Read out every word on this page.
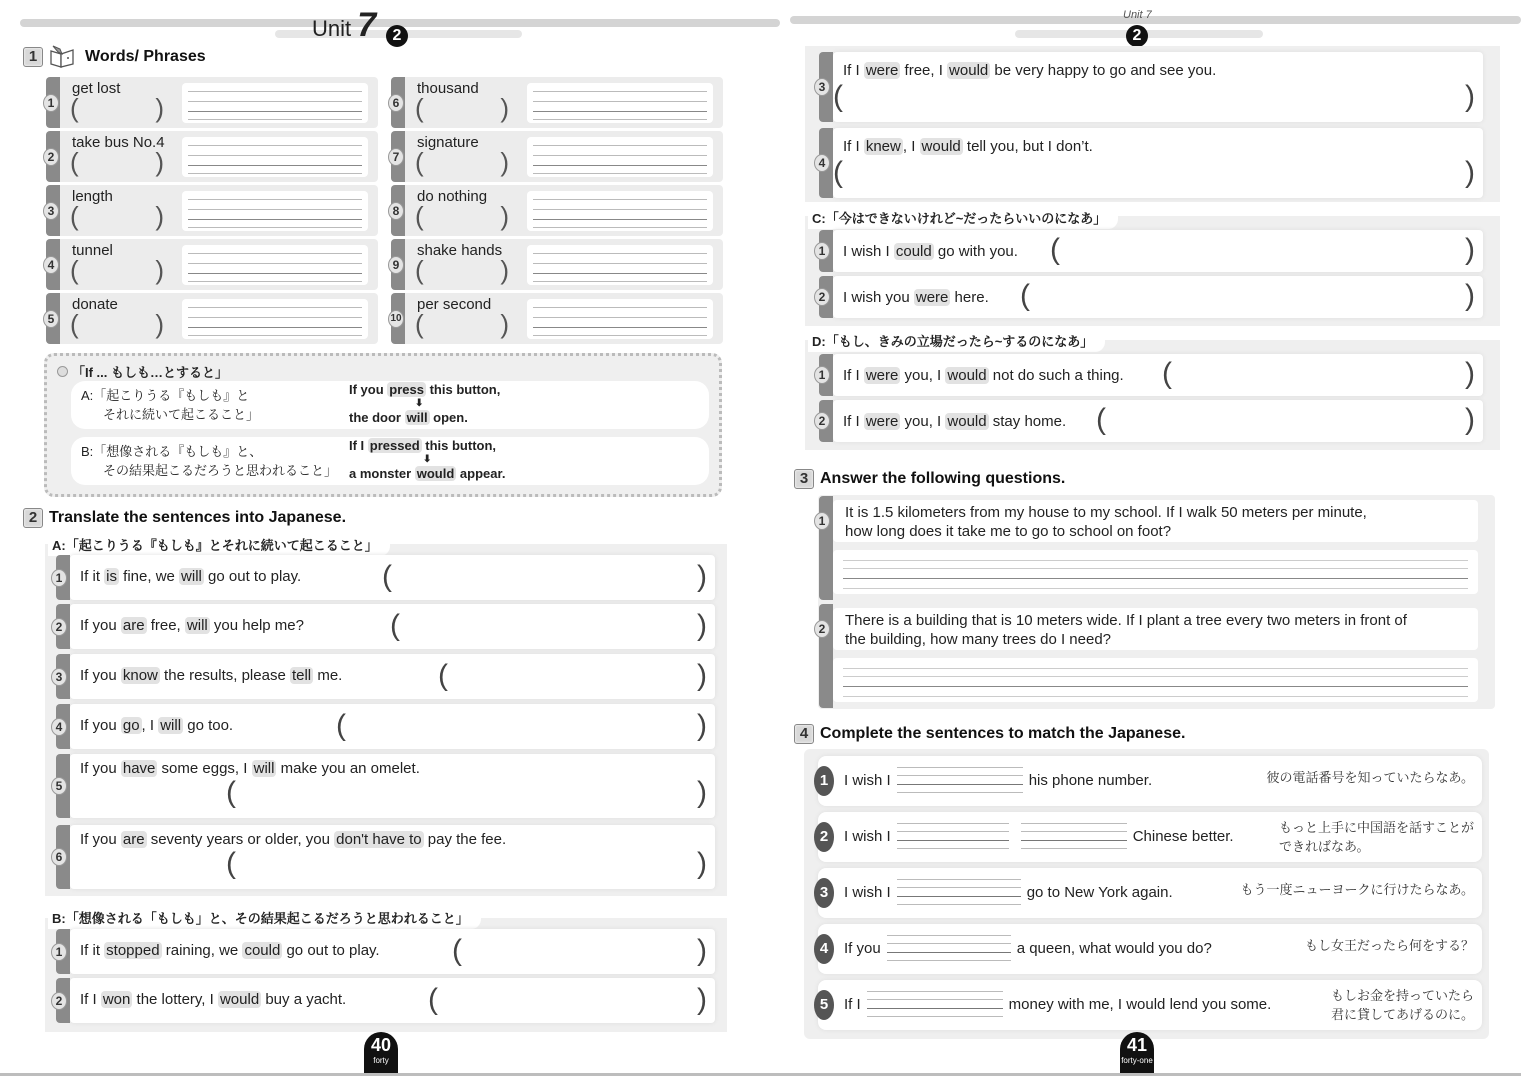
Unit 7	2
Unit 7
2
1	Words/ Phrases
1
get lost
(	)
2
take bus No.4
(	)
3
length
(	)
4
tunnel
(	)
5
donate
(	)
6
thousand
(	)
7
signature
(	)
8
do nothing
(	)
9
shake hands
(	)
10
per second
(	)
「If ... もしも…とすると」
A:「起こりうる『もしも』と
それに続いて起こること」
If you press this button,
⬇
the door will open.
B:「想像される『もしも』と、
その結果起こるだろうと思われること」
If I pressed this button,
⬇
a monster would appear.
2 Translate the sentences into Japanese.
A:「起こりうる『もしも』とそれに続いて起こること」
1	If it is fine, we will go out to play.	(	)
2	If you are free, will you help me?	(	)
3	If you know the results, please tell me.	(	)
4	If you go , I will go too.	(	)
5
If you have some eggs, I will make you an omelet.
(	)
6
If you are seventy years or older, you don't have to pay the fee.
(	)
B:「想像される「もしも」と、その結果起こるだろうと思われること」
1	If it stopped raining, we could go out to play. (	)
2	If I won the lottery, I would buy a yacht.	(	)
3
If I were free, I would be very happy to go and see you.
(	)
4
If I knew , I would tell you, but I don’t.
(	)
C:「今はできないけれど~だったらいいのになあ」
1	I wish I could go with you. (	)
2	I wish you were here. (	)
D:「もし、きみの立場だったら~するのになあ」
1	If I were you, I would not do such a thing. (	)
2	If I were you, I would stay home. (	)
3 Answer the following questions.
1	It is 1.5 kilometers from my house to my school. If I walk 50 meters per minute,
how long does it take me to go to school on foot?
2	There is a building that is 10 meters wide. If I plant a tree every two meters in front of
the building, how many trees do I need?
4 Complete the sentences to match the Japanese.
1	I wish I	his phone number.	彼の電話番号を知っていたらなあ。
2	I wish I	Chinese better.	もっと上手に中国語を話すことが
できればなあ。
3	I wish I	go to New York again.	もう一度ニューヨークに行けたらなあ。
4	If you	a queen, what would you do?	もし女王だったら何をする？
5	If I	money with me, I would lend you some.	もしお金を持っていたら
君に貸してあげるのに。
40
forty
41
forty-one
